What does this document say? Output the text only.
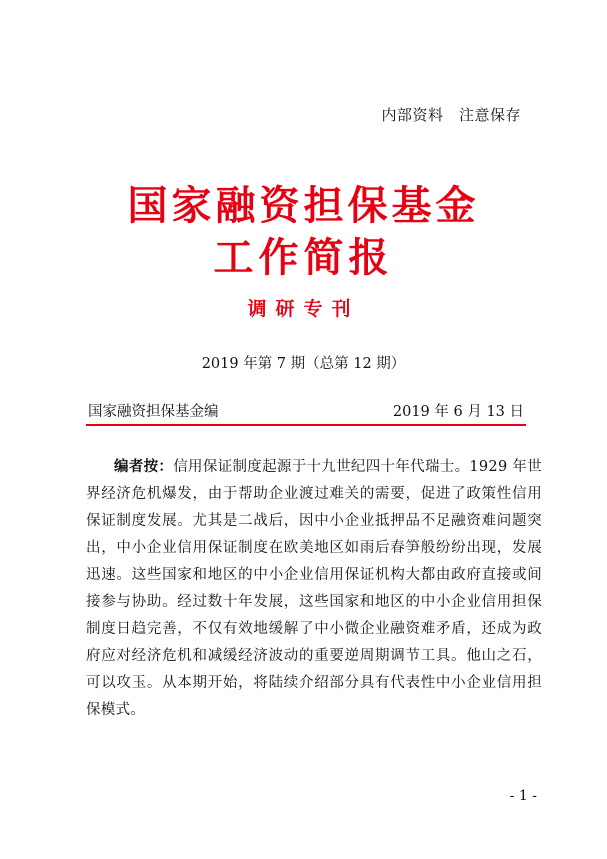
内部资料　注意保存
国家融资担保基金
工作简报
调研专刊
2019 年第 7 期（总第 12 期）
国家融资担保基金编	2019 年 6 月 13 日
编者按：信用保证制度起源于十九世纪四十年代瑞士。1929 年世界经济危机爆发，由于帮助企业渡过难关的需要，促进了政策性信用保证制度发展。尤其是二战后，因中小企业抵押品不足融资难问题突出，中小企业信用保证制度在欧美地区如雨后春笋般纷纷出现，发展迅速。这些国家和地区的中小企业信用保证机构大都由政府直接或间接参与协助。经过数十年发展，这些国家和地区的中小企业信用担保制度日趋完善，不仅有效地缓解了中小微企业融资难矛盾，还成为政府应对经济危机和减缓经济波动的重要逆周期调节工具。他山之石，可以攻玉。从本期开始，将陆续介绍部分具有代表性中小企业信用担保模式。
- 1 -
